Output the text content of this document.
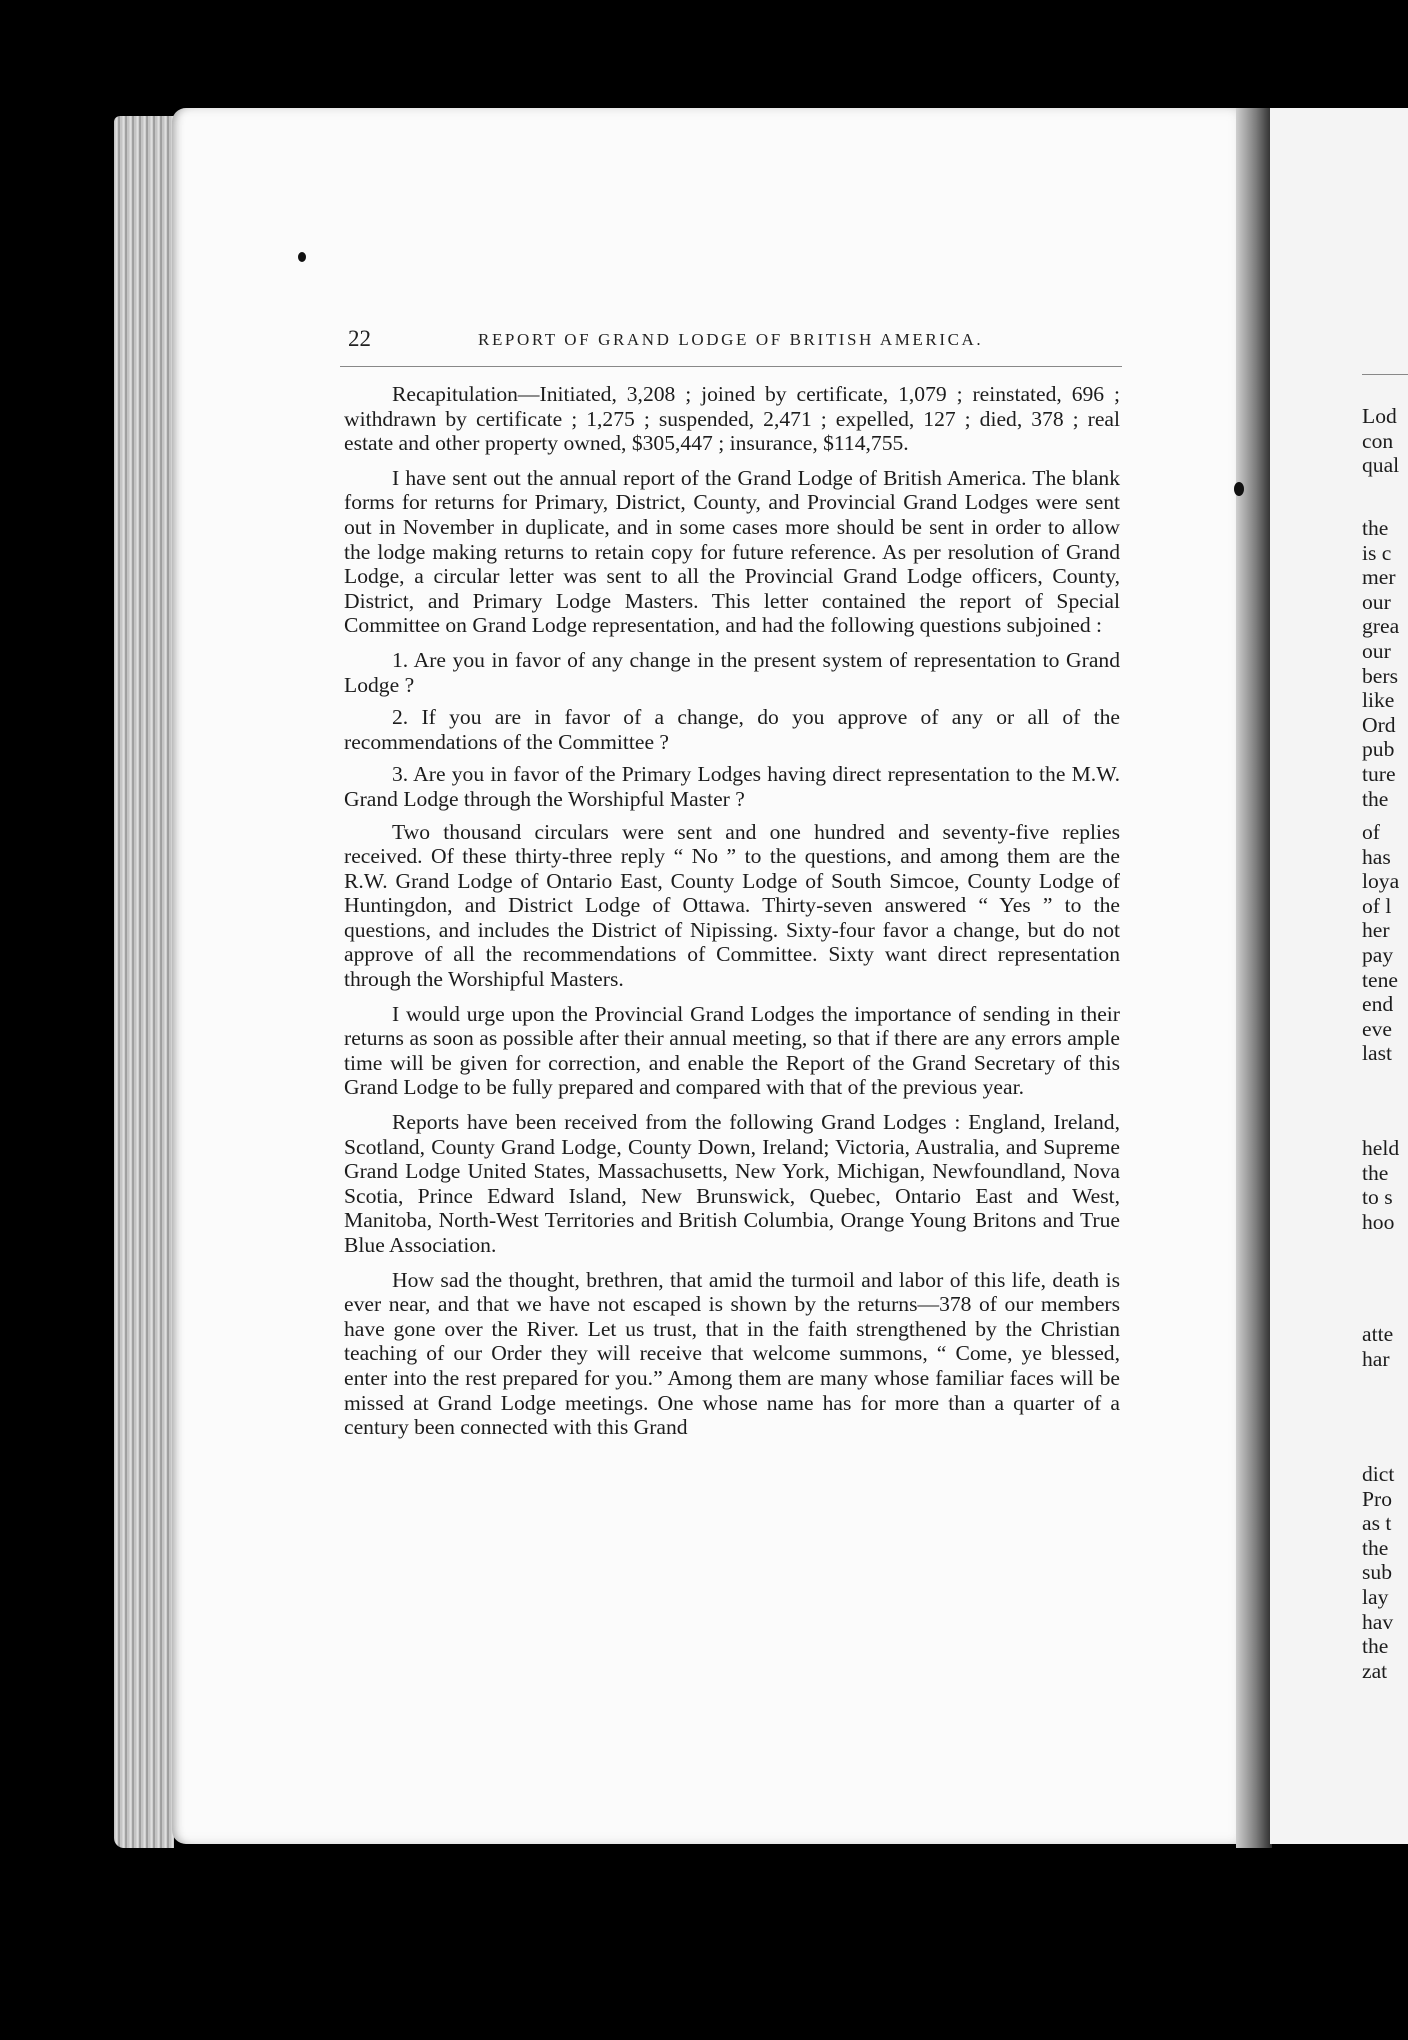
22	REPORT OF GRAND LODGE OF BRITISH AMERICA.

Recapitulation—Initiated, 3,208 ; joined by certificate, 1,079 ; reinstated, 696 ; withdrawn by certificate ; 1,275 ; suspended, 2,471 ; expelled, 127 ; died, 378 ; real estate and other property owned, $305,447 ; insurance, $114,755.

I have sent out the annual report of the Grand Lodge of British America. The blank forms for returns for Primary, District, County, and Provincial Grand Lodges were sent out in November in duplicate, and in some cases more should be sent in order to allow the lodge making returns to retain copy for future reference. As per resolution of Grand Lodge, a circular letter was sent to all the Provincial Grand Lodge officers, County, District, and Primary Lodge Masters. This letter contained the report of Special Committee on Grand Lodge representation, and had the following questions subjoined :

1. Are you in favor of any change in the present system of representation to Grand Lodge ?

2. If you are in favor of a change, do you approve of any or all of the recommendations of the Committee ?

3. Are you in favor of the Primary Lodges having direct representation to the M.W. Grand Lodge through the Worshipful Master ?

Two thousand circulars were sent and one hundred and seventy-five replies received. Of these thirty-three reply “ No ” to the questions, and among them are the R.W. Grand Lodge of Ontario East, County Lodge of South Simcoe, County Lodge of Huntingdon, and District Lodge of Ottawa. Thirty-seven answered “ Yes ” to the questions, and includes the District of Nipissing. Sixty-four favor a change, but do not approve of all the recommendations of Committee. Sixty want direct representation through the Worshipful Masters.

I would urge upon the Provincial Grand Lodges the importance of sending in their returns as soon as possible after their annual meeting, so that if there are any errors ample time will be given for correction, and enable the Report of the Grand Secretary of this Grand Lodge to be fully prepared and compared with that of the previous year.

Reports have been received from the following Grand Lodges : England, Ireland, Scotland, County Grand Lodge, County Down, Ireland; Victoria, Australia, and Supreme Grand Lodge United States, Massachusetts, New York, Michigan, Newfoundland, Nova Scotia, Prince Edward Island, New Brunswick, Quebec, Ontario East and West, Manitoba, North-West Territories and British Columbia, Orange Young Britons and True Blue Association.

How sad the thought, brethren, that amid the turmoil and labor of this life, death is ever near, and that we have not escaped is shown by the returns—378 of our members have gone over the River. Let us trust, that in the faith strengthened by the Christian teaching of our Order they will receive that welcome summons, “ Come, ye blessed, enter into the rest prepared for you.” Among them are many whose familiar faces will be missed at Grand Lodge meetings. One whose name has for more than a quarter of a century been connected with this Grand

Lod
con
qual
the
is c
mer
our
grea
our
bers
like
Ord
pub
ture
the
of
has
loya
of l
her
pay
tene
end
eve
last
held
the
to s
hoo
atte
har
dict
Pro
as t
the
sub
lay
hav
the
zat
